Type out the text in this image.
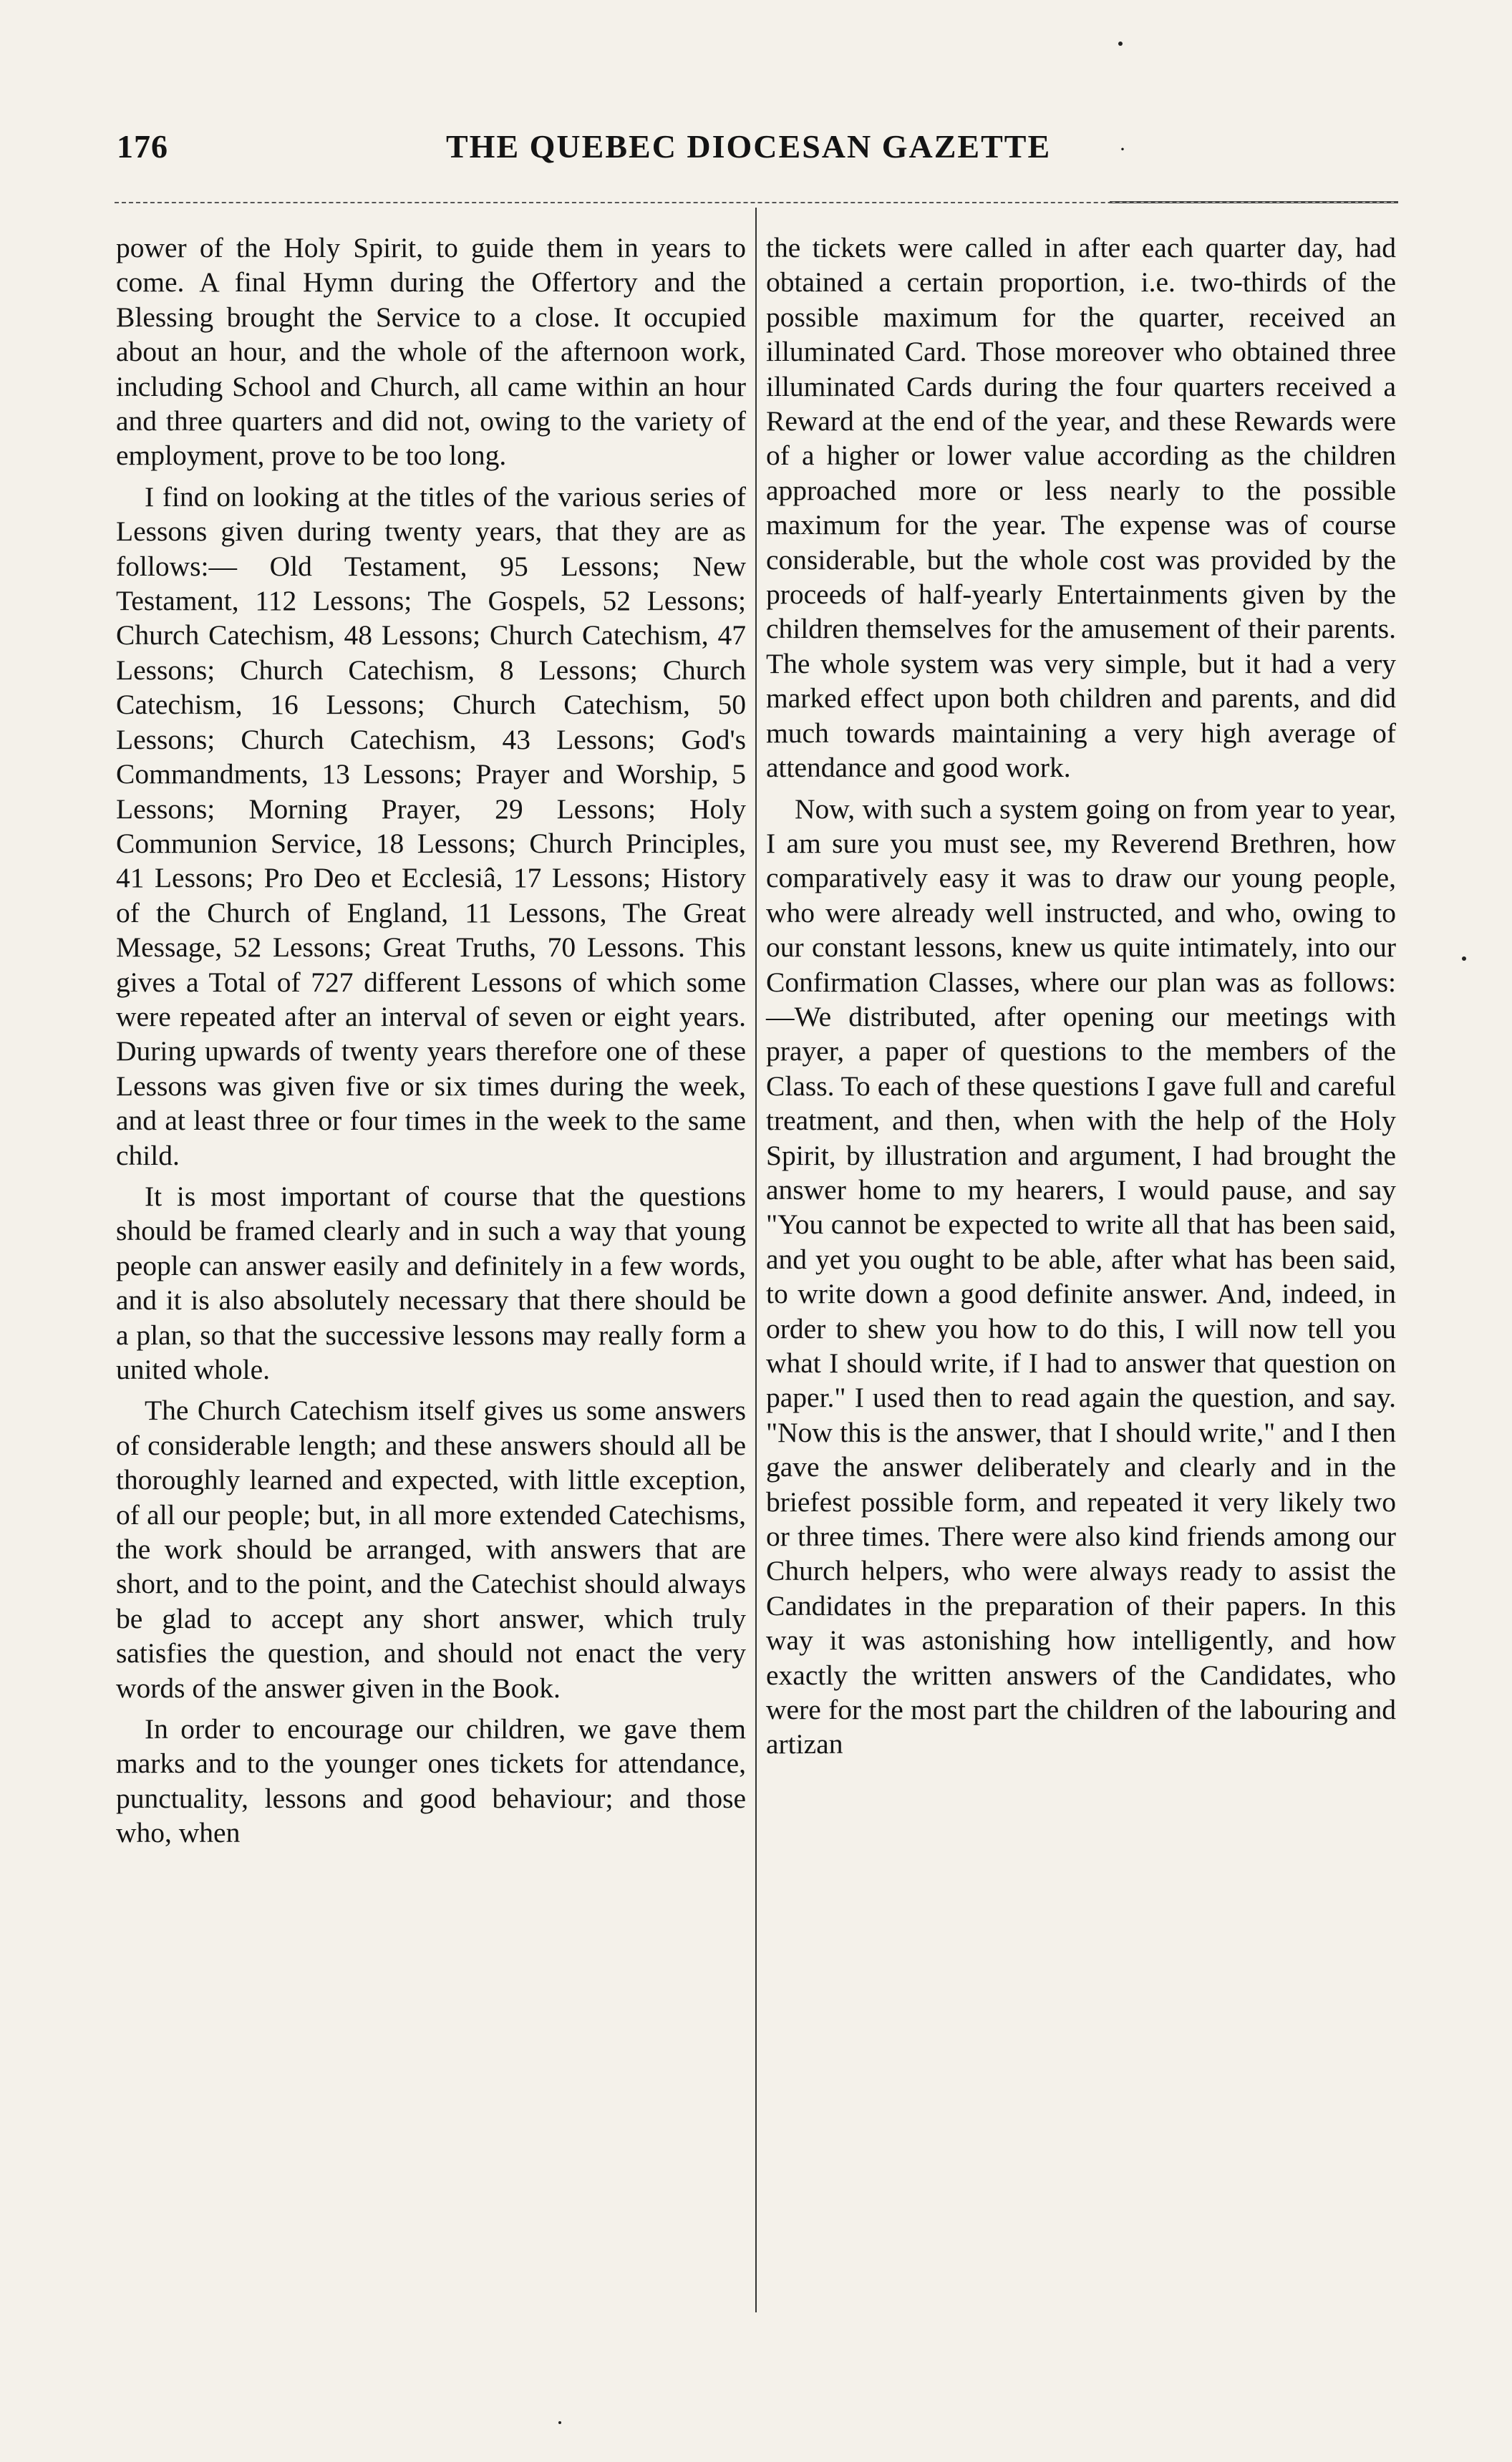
176	THE QUEBEC DIOCESAN GAZETTE	·

power of the Holy Spirit, to guide them in years to come. A final Hymn during the Offertory and the Blessing brought the Service to a close. It occupied about an hour, and the whole of the afternoon work, including School and Church, all came within an hour and three quarters and did not, owing to the variety of employment, prove to be too long.

I find on looking at the titles of the various series of Lessons given during twenty years, that they are as follows:— Old Testament, 95 Lessons; New Testament, 112 Lessons; The Gospels, 52 Lessons; Church Catechism, 48 Lessons; Church Catechism, 47 Lessons; Church Catechism, 8 Lessons; Church Catechism, 16 Lessons; Church Catechism, 50 Lessons; Church Catechism, 43 Lessons; God's Commandments, 13 Lessons; Prayer and Worship, 5 Lessons; Morning Prayer, 29 Lessons; Holy Communion Service, 18 Lessons; Church Principles, 41 Lessons; Pro Deo et Ecclesiâ, 17 Lessons; History of the Church of England, 11 Lessons, The Great Message, 52 Lessons; Great Truths, 70 Lessons. This gives a Total of 727 different Lessons of which some were repeated after an interval of seven or eight years. During upwards of twenty years therefore one of these Lessons was given five or six times during the week, and at least three or four times in the week to the same child.

It is most important of course that the questions should be framed clearly and in such a way that young people can answer easily and definitely in a few words, and it is also absolutely necessary that there should be a plan, so that the successive lessons may really form a united whole.

The Church Catechism itself gives us some answers of considerable length; and these answers should all be thoroughly learned and expected, with little exception, of all our people; but, in all more extended Catechisms, the work should be arranged, with answers that are short, and to the point, and the Catechist should always be glad to accept any short answer, which truly satisfies the question, and should not enact the very words of the answer given in the Book.

In order to encourage our children, we gave them marks and to the younger ones tickets for attendance, punctuality, lessons and good behaviour; and those who, when

the tickets were called in after each quarter day, had obtained a certain proportion, i.e. two-thirds of the possible maximum for the quarter, received an illuminated Card. Those moreover who obtained three illuminated Cards during the four quarters received a Reward at the end of the year, and these Rewards were of a higher or lower value according as the children approached more or less nearly to the possible maximum for the year. The expense was of course considerable, but the whole cost was provided by the proceeds of half-yearly Entertainments given by the children themselves for the amusement of their parents. The whole system was very simple, but it had a very marked effect upon both children and parents, and did much towards maintaining a very high average of attendance and good work.

Now, with such a system going on from year to year, I am sure you must see, my Reverend Brethren, how comparatively easy it was to draw our young people, who were already well instructed, and who, owing to our constant lessons, knew us quite intimately, into our Confirmation Classes, where our plan was as follows:—We distributed, after opening our meetings with prayer, a paper of questions to the members of the Class. To each of these questions I gave full and careful treatment, and then, when with the help of the Holy Spirit, by illustration and argument, I had brought the answer home to my hearers, I would pause, and say "You cannot be expected to write all that has been said, and yet you ought to be able, after what has been said, to write down a good definite answer. And, indeed, in order to shew you how to do this, I will now tell you what I should write, if I had to answer that question on paper." I used then to read again the question, and say. "Now this is the answer, that I should write," and I then gave the answer deliberately and clearly and in the briefest possible form, and repeated it very likely two or three times. There were also kind friends among our Church helpers, who were always ready to assist the Candidates in the preparation of their papers. In this way it was astonishing how intelligently, and how exactly the written answers of the Candidates, who were for the most part the children of the labouring and artizan
